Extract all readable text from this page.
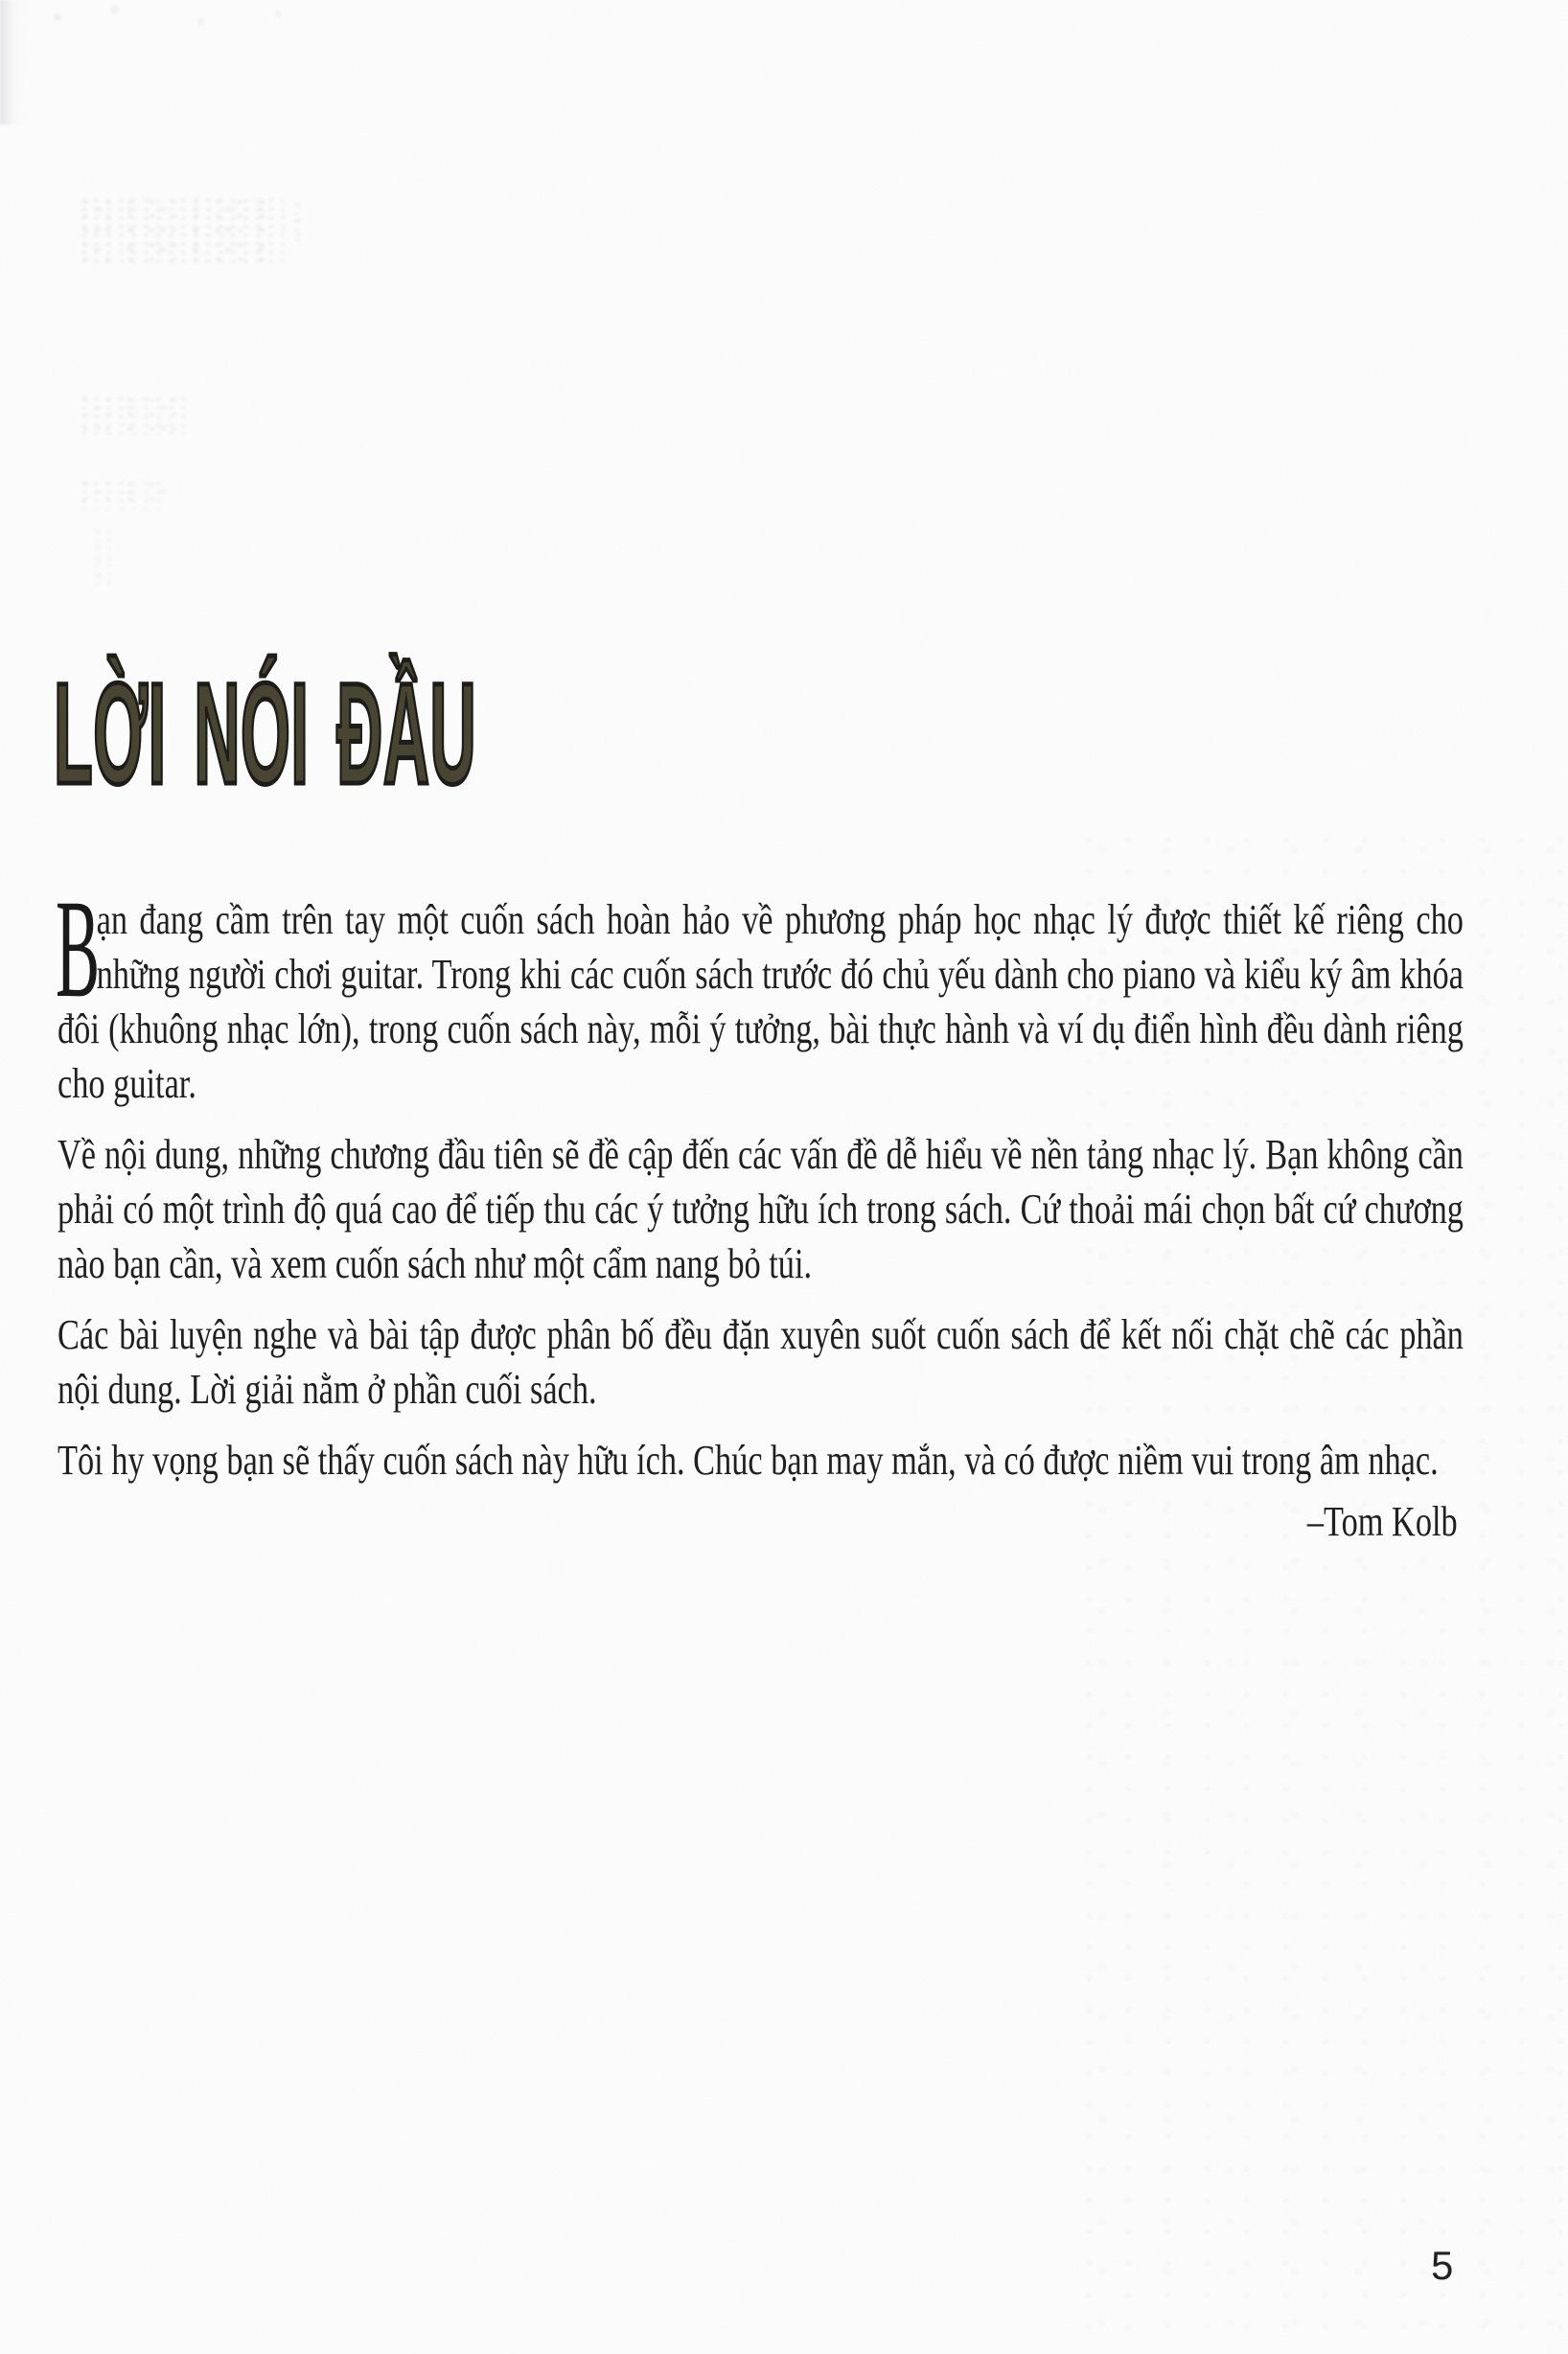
LỜI NÓI ĐẦU
B

ạn đang cầm trên tay một cuốn sách hoàn hảo về phương pháp học nhạc lý được thiết kế riêng cho những người chơi guitar. Trong khi các cuốn sách trước đó chủ yếu dành cho piano và kiểu ký âm khóa đôi (khuông nhạc lớn), trong cuốn sách này, mỗi ý tưởng, bài thực hành và ví dụ điển hình đều dành riêng cho guitar.

Về nội dung, những chương đầu tiên sẽ đề cập đến các vấn đề dễ hiểu về nền tảng nhạc lý. Bạn không cần phải có một trình độ quá cao để tiếp thu các ý tưởng hữu ích trong sách. Cứ thoải mái chọn bất cứ chương nào bạn cần, và xem cuốn sách như một cẩm nang bỏ túi.

Các bài luyện nghe và bài tập được phân bố đều đặn xuyên suốt cuốn sách để kết nối chặt chẽ các phần nội dung. Lời giải nằm ở phần cuối sách.

Tôi hy vọng bạn sẽ thấy cuốn sách này hữu ích. Chúc bạn may mắn, và có được niềm vui trong âm nhạc.

–Tom Kolb

5
